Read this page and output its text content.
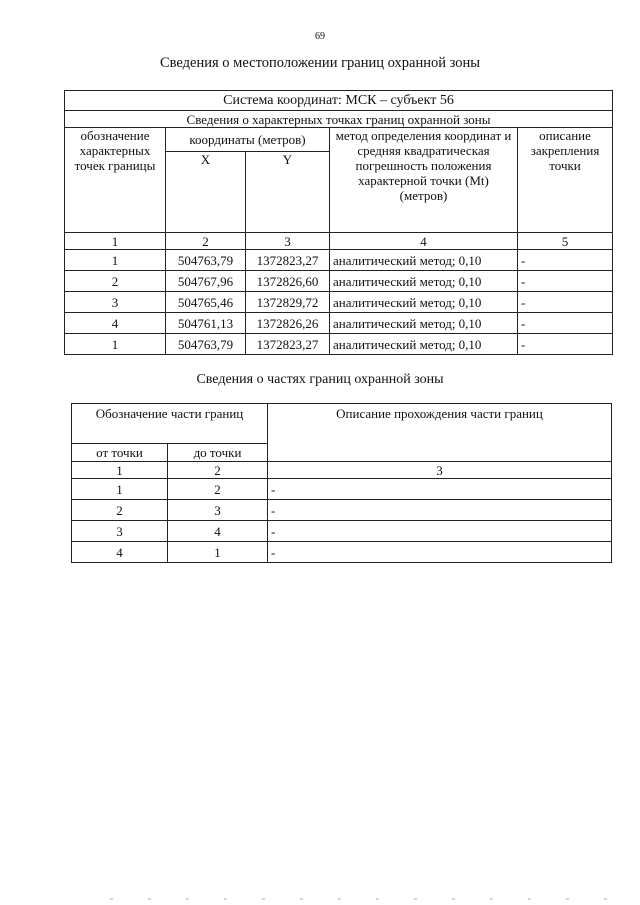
69
Сведения о местоположении границ охранной зоны
Система координат: МСК – субъект 56				
Сведения о характерных точках границ охранной зоны				
обозначение характерных точек границы	координаты (метров)		метод определения координат и средняя квадратическая погрешность положения характерной точки (Mt) (метров)	описание закрепления точки
	X	Y		
1	2	3	4	5
1	504763,79	1372823,27	аналитический метод; 0,10	-
2	504767,96	1372826,60	аналитический метод; 0,10	-
3	504765,46	1372829,72	аналитический метод; 0,10	-
4	504761,13	1372826,26	аналитический метод; 0,10	-
1	504763,79	1372823,27	аналитический метод; 0,10	-
Сведения о частях границ охранной зоны
Обозначение части границ		Описание прохождения части границ
от точки	до точки	
1	2	3
1	2	-
2	3	-
3	4	-
4	1	-
